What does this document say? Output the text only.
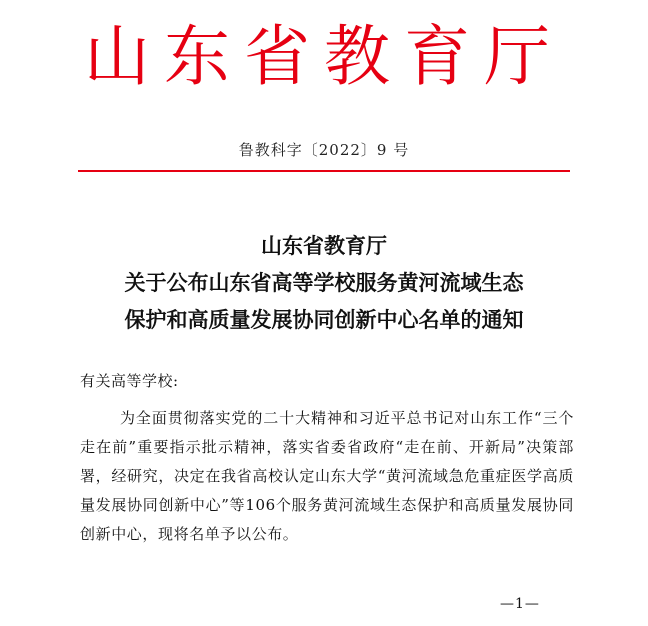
山东省教育厅
鲁教科字〔2022〕9 号
山东省教育厅
关于公布山东省高等学校服务黄河流域生态
保护和高质量发展协同创新中心名单的通知
有关高等学校:

为全面贯彻落实党的二十大精神和习近平总书记对山东工作“三个走在前”重要指示批示精神，落实省委省政府“走在前、开新局”决策部署，经研究，决定在我省高校认定山东大学“黄河流域急危重症医学高质量发展协同创新中心”等106个服务黄河流域生态保护和高质量发展协同创新中心，现将名单予以公布。

—1—
